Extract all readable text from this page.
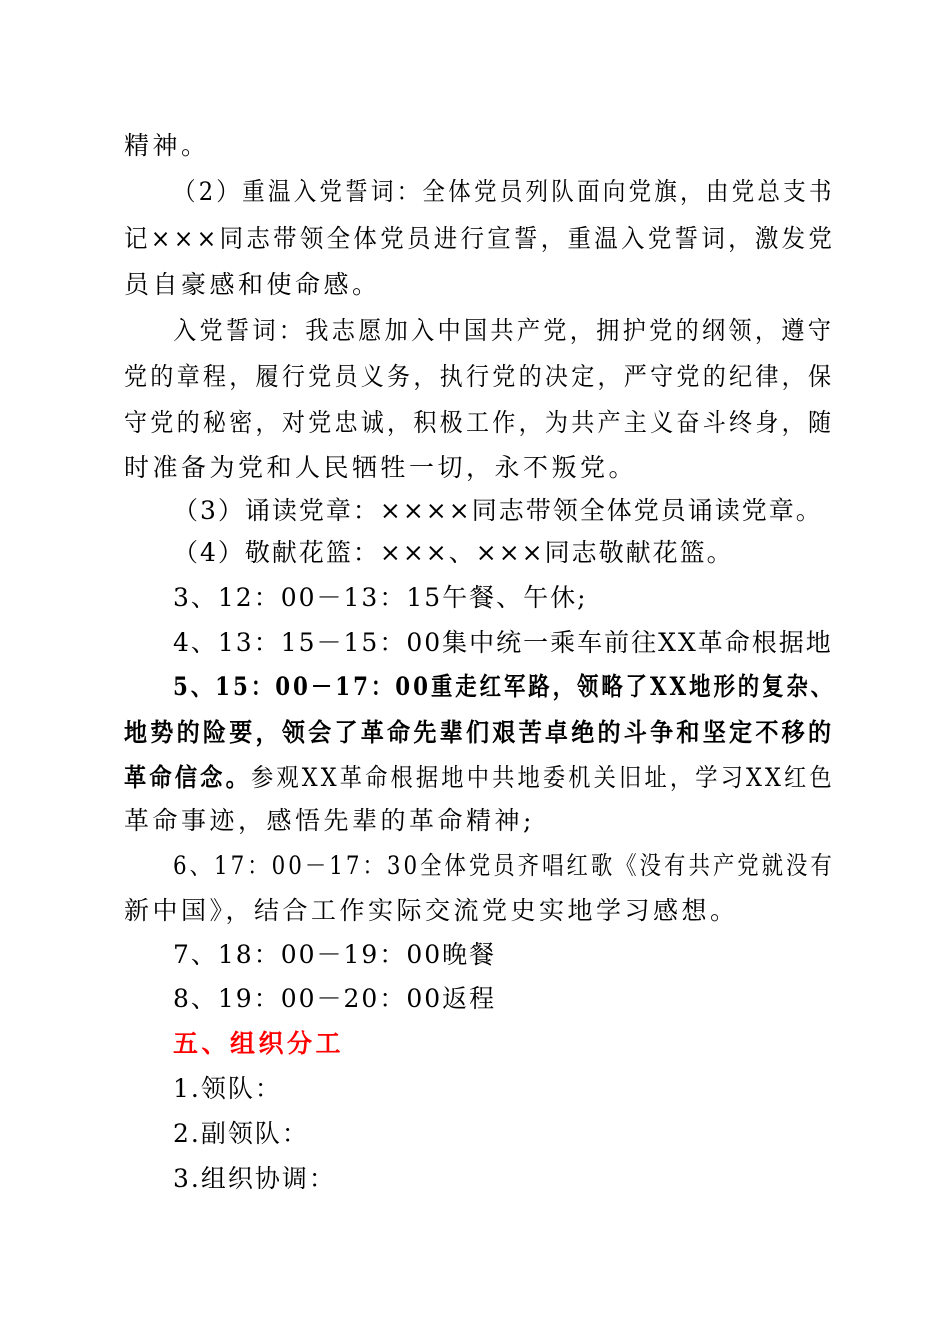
精神。
（2）重温入党誓词：全体党员列队面向党旗，由党总支书
记×××同志带领全体党员进行宣誓，重温入党誓词，激发党
员自豪感和使命感。
入党誓词：我志愿加入中国共产党，拥护党的纲领，遵守
党的章程，履行党员义务，执行党的决定，严守党的纪律，保
守党的秘密，对党忠诚，积极工作，为共产主义奋斗终身，随
时准备为党和人民牺牲一切，永不叛党。
（3）诵读党章：××××同志带领全体党员诵读党章。
（4）敬献花篮：×××、×××同志敬献花篮。
3、12：00－13：15午餐、午休;
4、13：15－15：00集中统一乘车前往XX革命根据地
5、15：00－17：00重走红军路，领略了XX地形的复杂、
地势的险要，领会了革命先辈们艰苦卓绝的斗争和坚定不移的
革命信念。参观XX革命根据地中共地委机关旧址，学习XX红色
革命事迹，感悟先辈的革命精神;
6、17：00－17：30全体党员齐唱红歌《没有共产党就没有
新中国》，结合工作实际交流党史实地学习感想。
7、18：00－19：00晚餐
8、19：00－20：00返程
五、组织分工
1.领队：
2.副领队：
3.组织协调：
